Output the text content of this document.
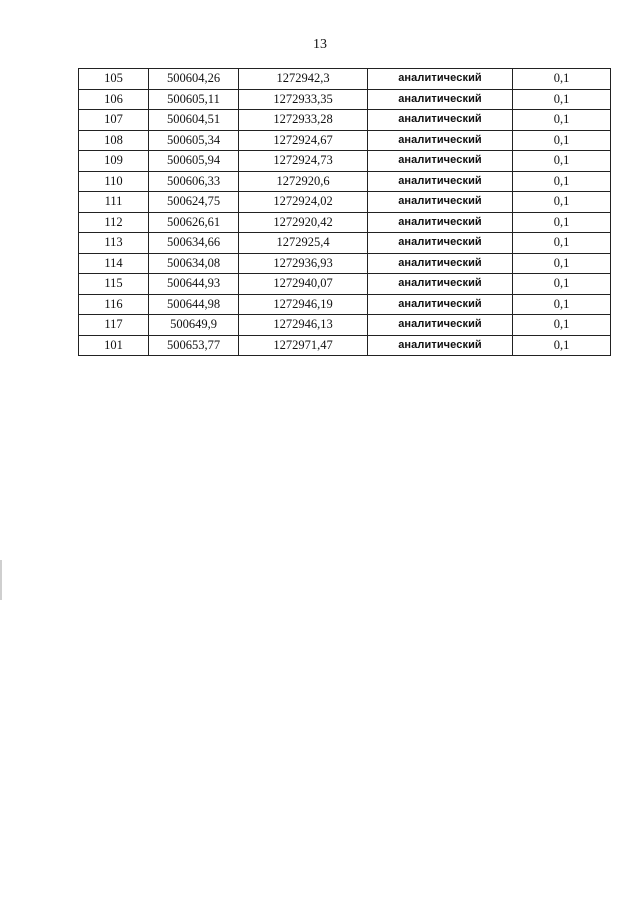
13
105	500604,26	1272942,3	аналитический	0,1
106	500605,11	1272933,35	аналитический	0,1
107	500604,51	1272933,28	аналитический	0,1
108	500605,34	1272924,67	аналитический	0,1
109	500605,94	1272924,73	аналитический	0,1
110	500606,33	1272920,6	аналитический	0,1
111	500624,75	1272924,02	аналитический	0,1
112	500626,61	1272920,42	аналитический	0,1
113	500634,66	1272925,4	аналитический	0,1
114	500634,08	1272936,93	аналитический	0,1
115	500644,93	1272940,07	аналитический	0,1
116	500644,98	1272946,19	аналитический	0,1
117	500649,9	1272946,13	аналитический	0,1
101	500653,77	1272971,47	аналитический	0,1
